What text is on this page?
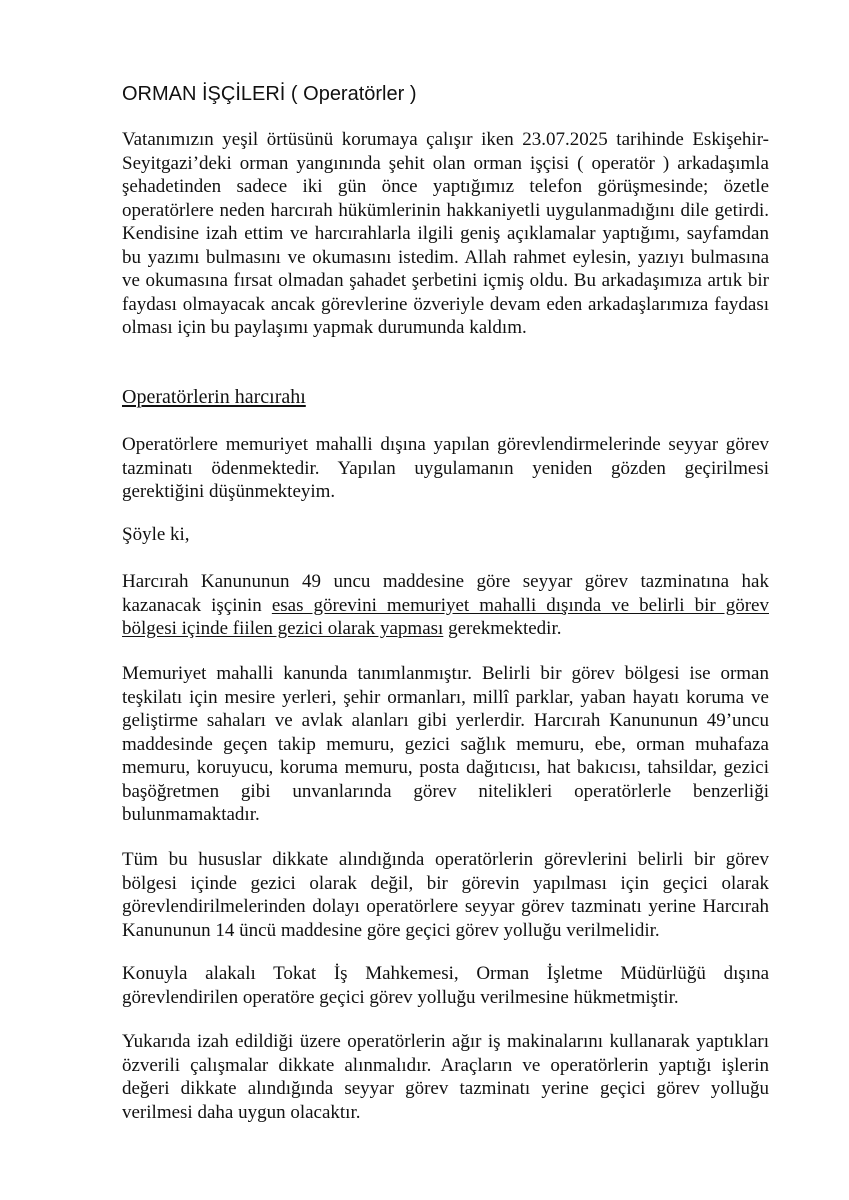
ORMAN İŞÇİLERİ ( Operatörler )

Vatanımızın yeşil örtüsünü korumaya çalışır iken 23.07.2025 tarihinde Eskişehir-Seyitgazi’deki orman yangınında şehit olan orman işçisi ( operatör ) arkadaşımla şehadetinden sadece iki gün önce yaptığımız telefon görüşmesinde; özetle operatörlere neden harcırah hükümlerinin hakkaniyetli uygulanmadığını dile getirdi. Kendisine izah ettim ve harcırahlarla ilgili geniş açıklamalar yaptığımı, sayfamdan bu yazımı bulmasını ve okumasını istedim. Allah rahmet eylesin, yazıyı bulmasına ve okumasına fırsat olmadan şahadet şerbetini içmiş oldu. Bu arkadaşımıza artık bir faydası olmayacak ancak görevlerine özveriyle devam eden arkadaşlarımıza faydası olması için bu paylaşımı yapmak durumunda kaldım.

Operatörlerin harcırahı

Operatörlere memuriyet mahalli dışına yapılan görevlendirmelerinde seyyar görev tazminatı ödenmektedir. Yapılan uygulamanın yeniden gözden geçirilmesi gerektiğini düşünmekteyim.

Şöyle ki,

Harcırah Kanununun 49 uncu maddesine göre seyyar görev tazminatına hak kazanacak işçinin esas görevini memuriyet mahalli dışında ve belirli bir görev bölgesi içinde fiilen gezici olarak yapması gerekmektedir.

Memuriyet mahalli kanunda tanımlanmıştır. Belirli bir görev bölgesi ise orman teşkilatı için mesire yerleri, şehir ormanları, millî parklar, yaban hayatı koruma ve geliştirme sahaları ve avlak alanları gibi yerlerdir. Harcırah Kanununun 49’uncu maddesinde geçen takip memuru, gezici sağlık memuru, ebe, orman muhafaza memuru, koruyucu, koruma memuru, posta dağıtıcısı, hat bakıcısı, tahsildar, gezici başöğretmen gibi unvanlarında görev nitelikleri operatörlerle benzerliği bulunmamaktadır.

Tüm bu hususlar dikkate alındığında operatörlerin görevlerini belirli bir görev bölgesi içinde gezici olarak değil, bir görevin yapılması için geçici olarak görevlendirilmelerinden dolayı operatörlere seyyar görev tazminatı yerine Harcırah Kanununun 14 üncü maddesine göre geçici görev yolluğu verilmelidir.

Konuyla alakalı Tokat İş Mahkemesi, Orman İşletme Müdürlüğü dışına görevlendirilen operatöre geçici görev yolluğu verilmesine hükmetmiştir.

Yukarıda izah edildiği üzere operatörlerin ağır iş makinalarını kullanarak yaptıkları özverili çalışmalar dikkate alınmalıdır. Araçların ve operatörlerin yaptığı işlerin değeri dikkate alındığında seyyar görev tazminatı yerine geçici görev yolluğu verilmesi daha uygun olacaktır.
